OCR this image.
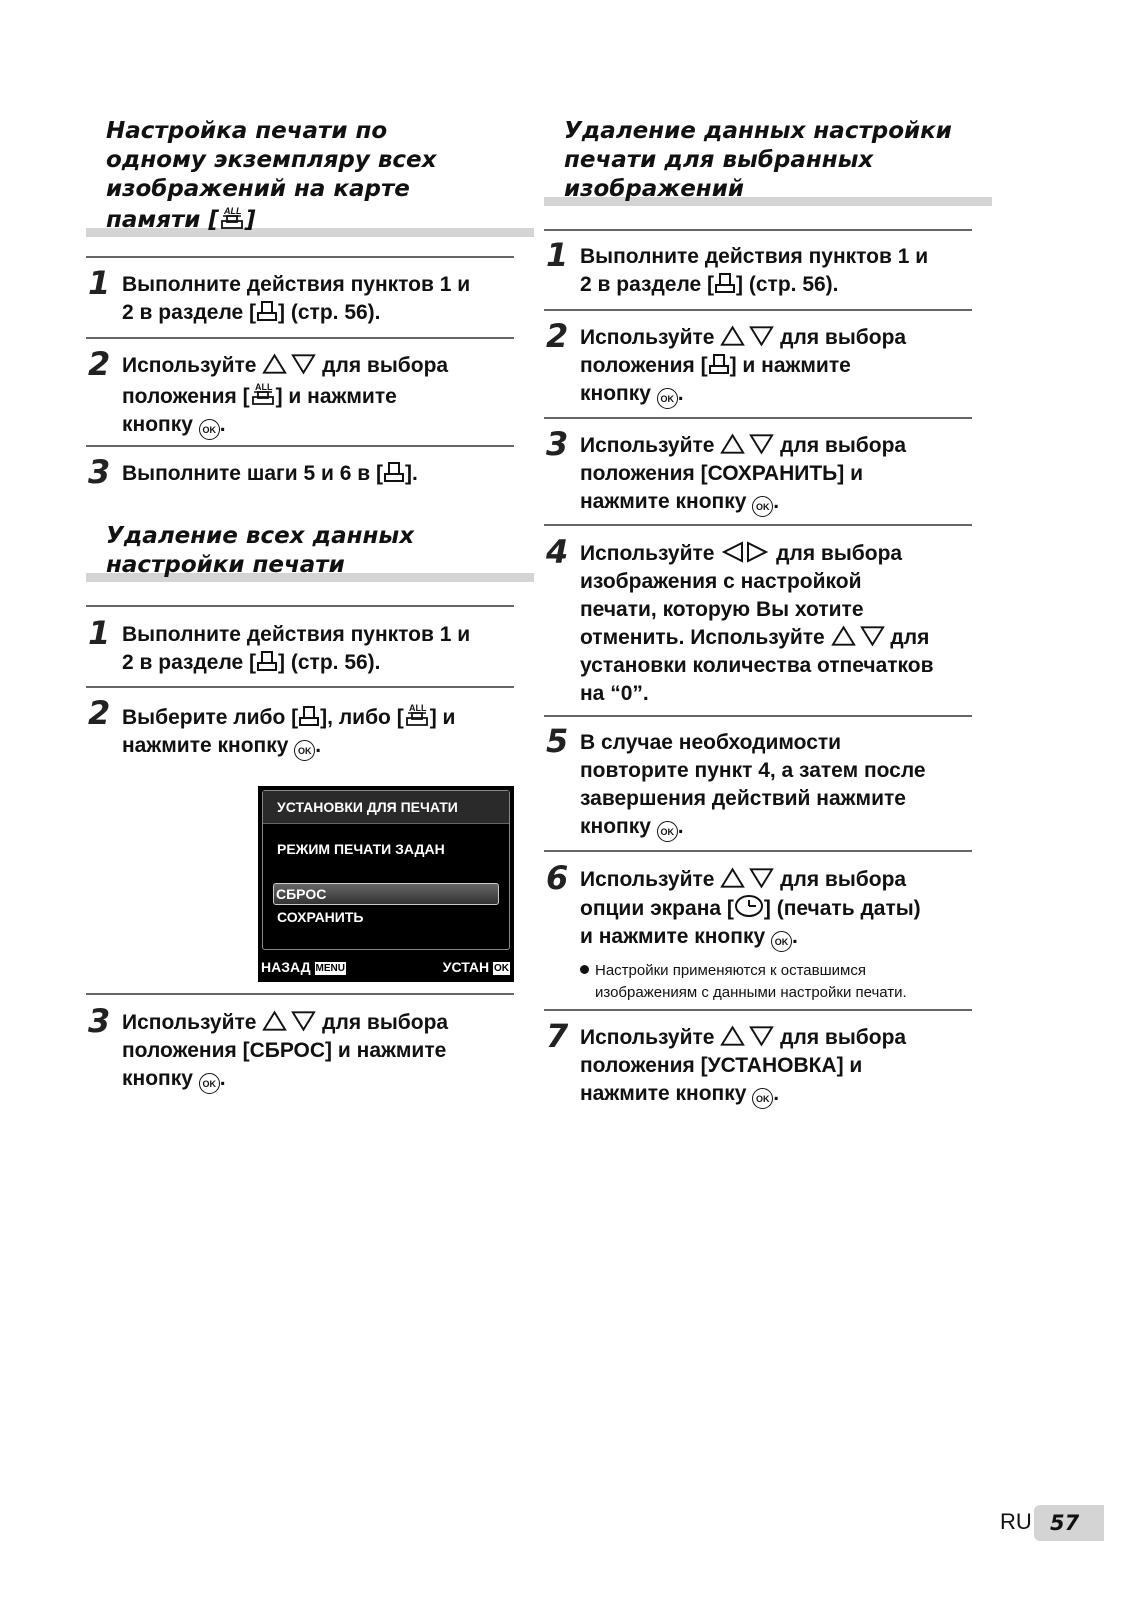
Настройка печати по
одному экземпляру всех
изображений на карте
памяти [ ]
1 Выполните действия пунктов 1 и
2 в разделе [ ] (стр. 56).
2 Используйте	для выбора
положения [ ] и нажмите
кнопку OK .
3 Выполните шаги 5 и 6 в [ ].
Удаление всех данных
настройки печати
1 Выполните действия пунктов 1 и
2 в разделе [ ] (стр. 56).
2 Выберите либо [ ], либо [ ] и
нажмите кнопку OK .
3 Используйте	для выбора
положения [СБРОС] и нажмите
кнопку OK .
УСТАНОВКИ ДЛЯ ПЕЧАТИ
РЕЖИМ ПЕЧАТИ ЗАДАН
СБРОС
СОХРАНИТЬ
НАЗАД MENU	УСТАН OK
Удаление данных настройки
печати для выбранных
изображений
1 Выполните действия пунктов 1 и
2 в разделе [ ] (стр. 56).
2 Используйте	для выбора
положения [ ] и нажмите
кнопку OK .
3 Используйте	для выбора
положения [СОХРАНИТЬ] и
нажмите кнопку OK .
4 Используйте  для выбора
изображения с настройкой
печати, которую Вы хотите
отменить. Используйте	для
установки количества отпечатков
на “0”.
5 В случае необходимости
повторите пункт 4, а затем после
завершения действий нажмите
кнопку OK .
6 Используйте	для выбора
опции экрана [ ] (печать даты)
и нажмите кнопку OK .
Настройки применяются к оставшимся
изображениям с данными настройки печати.
7 Используйте	для выбора
положения [УСТАНОВКА] и
нажмите кнопку OK .
RU 57
